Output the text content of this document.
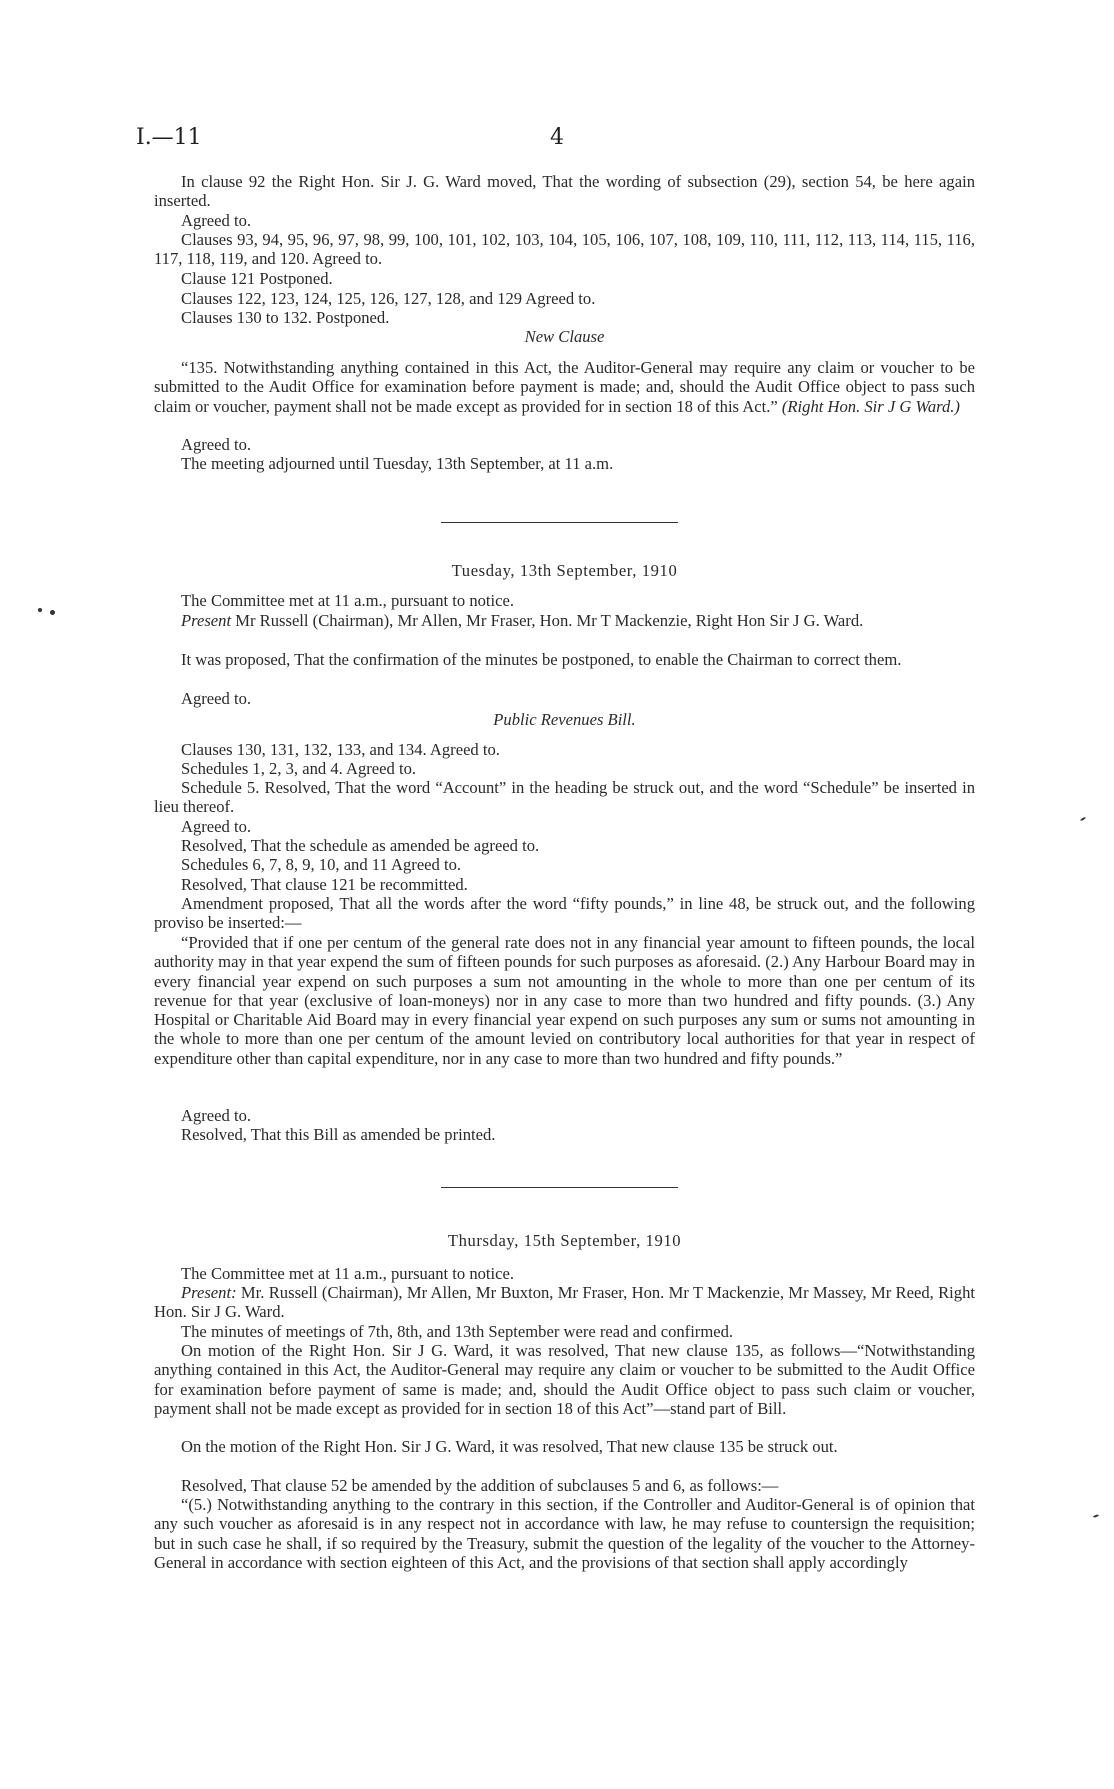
I.—11	4
In clause 92 the Right Hon. Sir J. G. Ward moved, That the wording of subsection (29), section 54, be here again inserted.
Agreed to.
Clauses 93, 94, 95, 96, 97, 98, 99, 100, 101, 102, 103, 104, 105, 106, 107, 108, 109, 110, 111, 112, 113, 114, 115, 116, 117, 118, 119, and 120. Agreed to.
Clause 121 Postponed.
Clauses 122, 123, 124, 125, 126, 127, 128, and 129 Agreed to.
Clauses 130 to 132. Postponed.
New Clause
“135. Notwithstanding anything contained in this Act, the Auditor-General may require any claim or voucher to be submitted to the Audit Office for examination before payment is made; and, should the Audit Office object to pass such claim or voucher, payment shall not be made except as provided for in section 18 of this Act.” (Right Hon. Sir J G Ward.)
Agreed to.
The meeting adjourned until Tuesday, 13th September, at 11 a.m.
Tuesday, 13th September, 1910
The Committee met at 11 a.m., pursuant to notice.
Present Mr Russell (Chairman), Mr Allen, Mr Fraser, Hon. Mr T Mackenzie, Right Hon Sir J G. Ward.
It was proposed, That the confirmation of the minutes be postponed, to enable the Chairman to correct them.
Agreed to.
Public Revenues Bill.
Clauses 130, 131, 132, 133, and 134. Agreed to.
Schedules 1, 2, 3, and 4. Agreed to.
Schedule 5. Resolved, That the word “Account” in the heading be struck out, and the word “Schedule” be inserted in lieu thereof.
Agreed to.
Resolved, That the schedule as amended be agreed to.
Schedules 6, 7, 8, 9, 10, and 11 Agreed to.
Resolved, That clause 121 be recommitted.
Amendment proposed, That all the words after the word “fifty pounds,” in line 48, be struck out, and the following proviso be inserted:—
“Provided that if one per centum of the general rate does not in any financial year amount to fifteen pounds, the local authority may in that year expend the sum of fifteen pounds for such purposes as aforesaid. (2.) Any Harbour Board may in every financial year expend on such purposes a sum not amounting in the whole to more than one per centum of its revenue for that year (exclusive of loan-moneys) nor in any case to more than two hundred and fifty pounds. (3.) Any Hospital or Charitable Aid Board may in every financial year expend on such purposes any sum or sums not amounting in the whole to more than one per centum of the amount levied on contributory local authorities for that year in respect of expenditure other than capital expenditure, nor in any case to more than two hundred and fifty pounds.”
Agreed to.
Resolved, That this Bill as amended be printed.
Thursday, 15th September, 1910
The Committee met at 11 a.m., pursuant to notice.
Present: Mr. Russell (Chairman), Mr Allen, Mr Buxton, Mr Fraser, Hon. Mr T Mackenzie, Mr Massey, Mr Reed, Right Hon. Sir J G. Ward.
The minutes of meetings of 7th, 8th, and 13th September were read and confirmed.
On motion of the Right Hon. Sir J G. Ward, it was resolved, That new clause 135, as follows—“Notwithstanding anything contained in this Act, the Auditor-General may require any claim or voucher to be submitted to the Audit Office for examination before payment of same is made; and, should the Audit Office object to pass such claim or voucher, payment shall not be made except as provided for in section 18 of this Act”—stand part of Bill.
On the motion of the Right Hon. Sir J G. Ward, it was resolved, That new clause 135 be struck out.
Resolved, That clause 52 be amended by the addition of subclauses 5 and 6, as follows:—
“(5.) Notwithstanding anything to the contrary in this section, if the Controller and Auditor-General is of opinion that any such voucher as aforesaid is in any respect not in accordance with law, he may refuse to countersign the requisition; but in such case he shall, if so required by the Treasury, submit the question of the legality of the voucher to the Attorney-General in accordance with section eighteen of this Act, and the provisions of that section shall apply accordingly
